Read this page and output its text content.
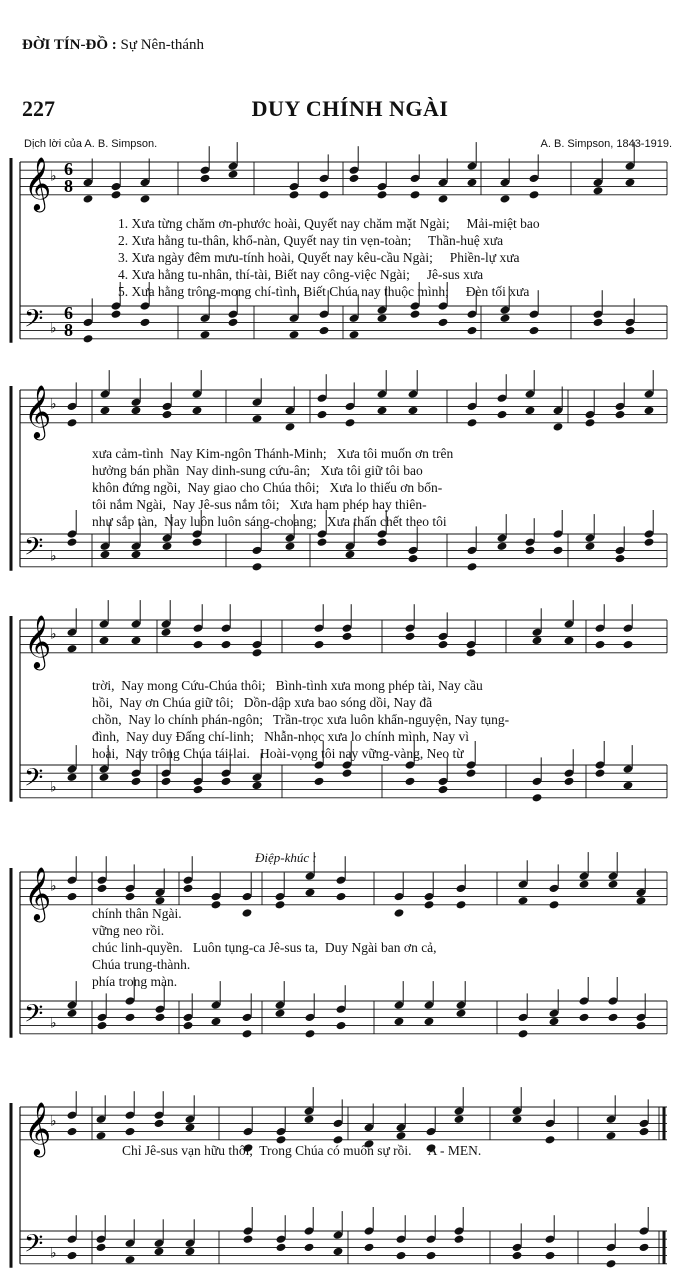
ĐỜI TÍN-ĐỒ : Sự Nên-thánh
227	DUY CHÍNH NGÀI
Dịch lời của A. B. Simpson.	A. B. Simpson, 1843-1919.
𝄞
𝄢
♭
♭
𝄞
𝄢
♭
♭
𝄞
𝄢
♭
♭
𝄞
𝄢
♭
♭
𝄞
𝄢
♭
♭
6
8
6
8
Điệp-khúc :
1. Xưa từng chăm ơn-phước hoài, Quyết nay chăm mặt Ngài;     Mải-miệt bao
2. Xưa hằng tu-thân, khổ-nàn, Quyết nay tin vẹn-toàn;     Thần-huệ xưa
3. Xưa ngày đêm mưu-tính hoài, Quyết nay kêu-cầu Ngài;     Phiền-lự xưa
4. Xưa hằng tu-nhân, thí-tài, Biết nay công-việc Ngài;     Jê-sus xưa
5. Xưa hằng trông-mong chí-tình, Biết Chúa nay thuộc mình;     Đèn tối xưa
xưa cảm-tình  Nay Kim-ngôn Thánh-Minh;   Xưa tôi muốn ơn trên
hưởng bán phần  Nay dinh-sung cứu-ân;   Xưa tôi giữ tôi bao
khôn đứng ngồi,  Nay giao cho Chúa thôi;   Xưa lo thiếu ơn bổn-
tôi nắm Ngài,  Nay Jê-sus nắm tôi;   Xưa ham phép hay thiên-
như sắp tàn,  Nay luôn luôn sáng-choang;   Xưa thấn chết theo tôi
trời,  Nay mong Cứu-Chúa thôi;   Bình-tình xưa mong phép tài, Nay cầu
hồi,  Nay ơn Chúa giữ tôi;   Dồn-dập xưa bao sóng dồi, Nay đã
chồn,  Nay lo chính phán-ngôn;   Trần-trọc xưa luôn khẩn-nguyện, Nay tụng-
đình,  Nay duy Đấng chí-linh;   Nhẫn-nhọc xưa lo chính mình, Nay vì
hoài,  Nay trông Chúa tái-lai.   Hoài-vọng tôi nay vững-vàng, Neo từ
chính thân Ngài.
vững neo rồi.
chúc linh-quyền.   Luôn tụng-ca Jê-sus ta,  Duy Ngài ban ơn cả,
Chúa trung-thành.
phía trong màn.
Chỉ Jê-sus vạn hữu thôi,  Trong Chúa có muôn sự rồi.     A - MEN.
